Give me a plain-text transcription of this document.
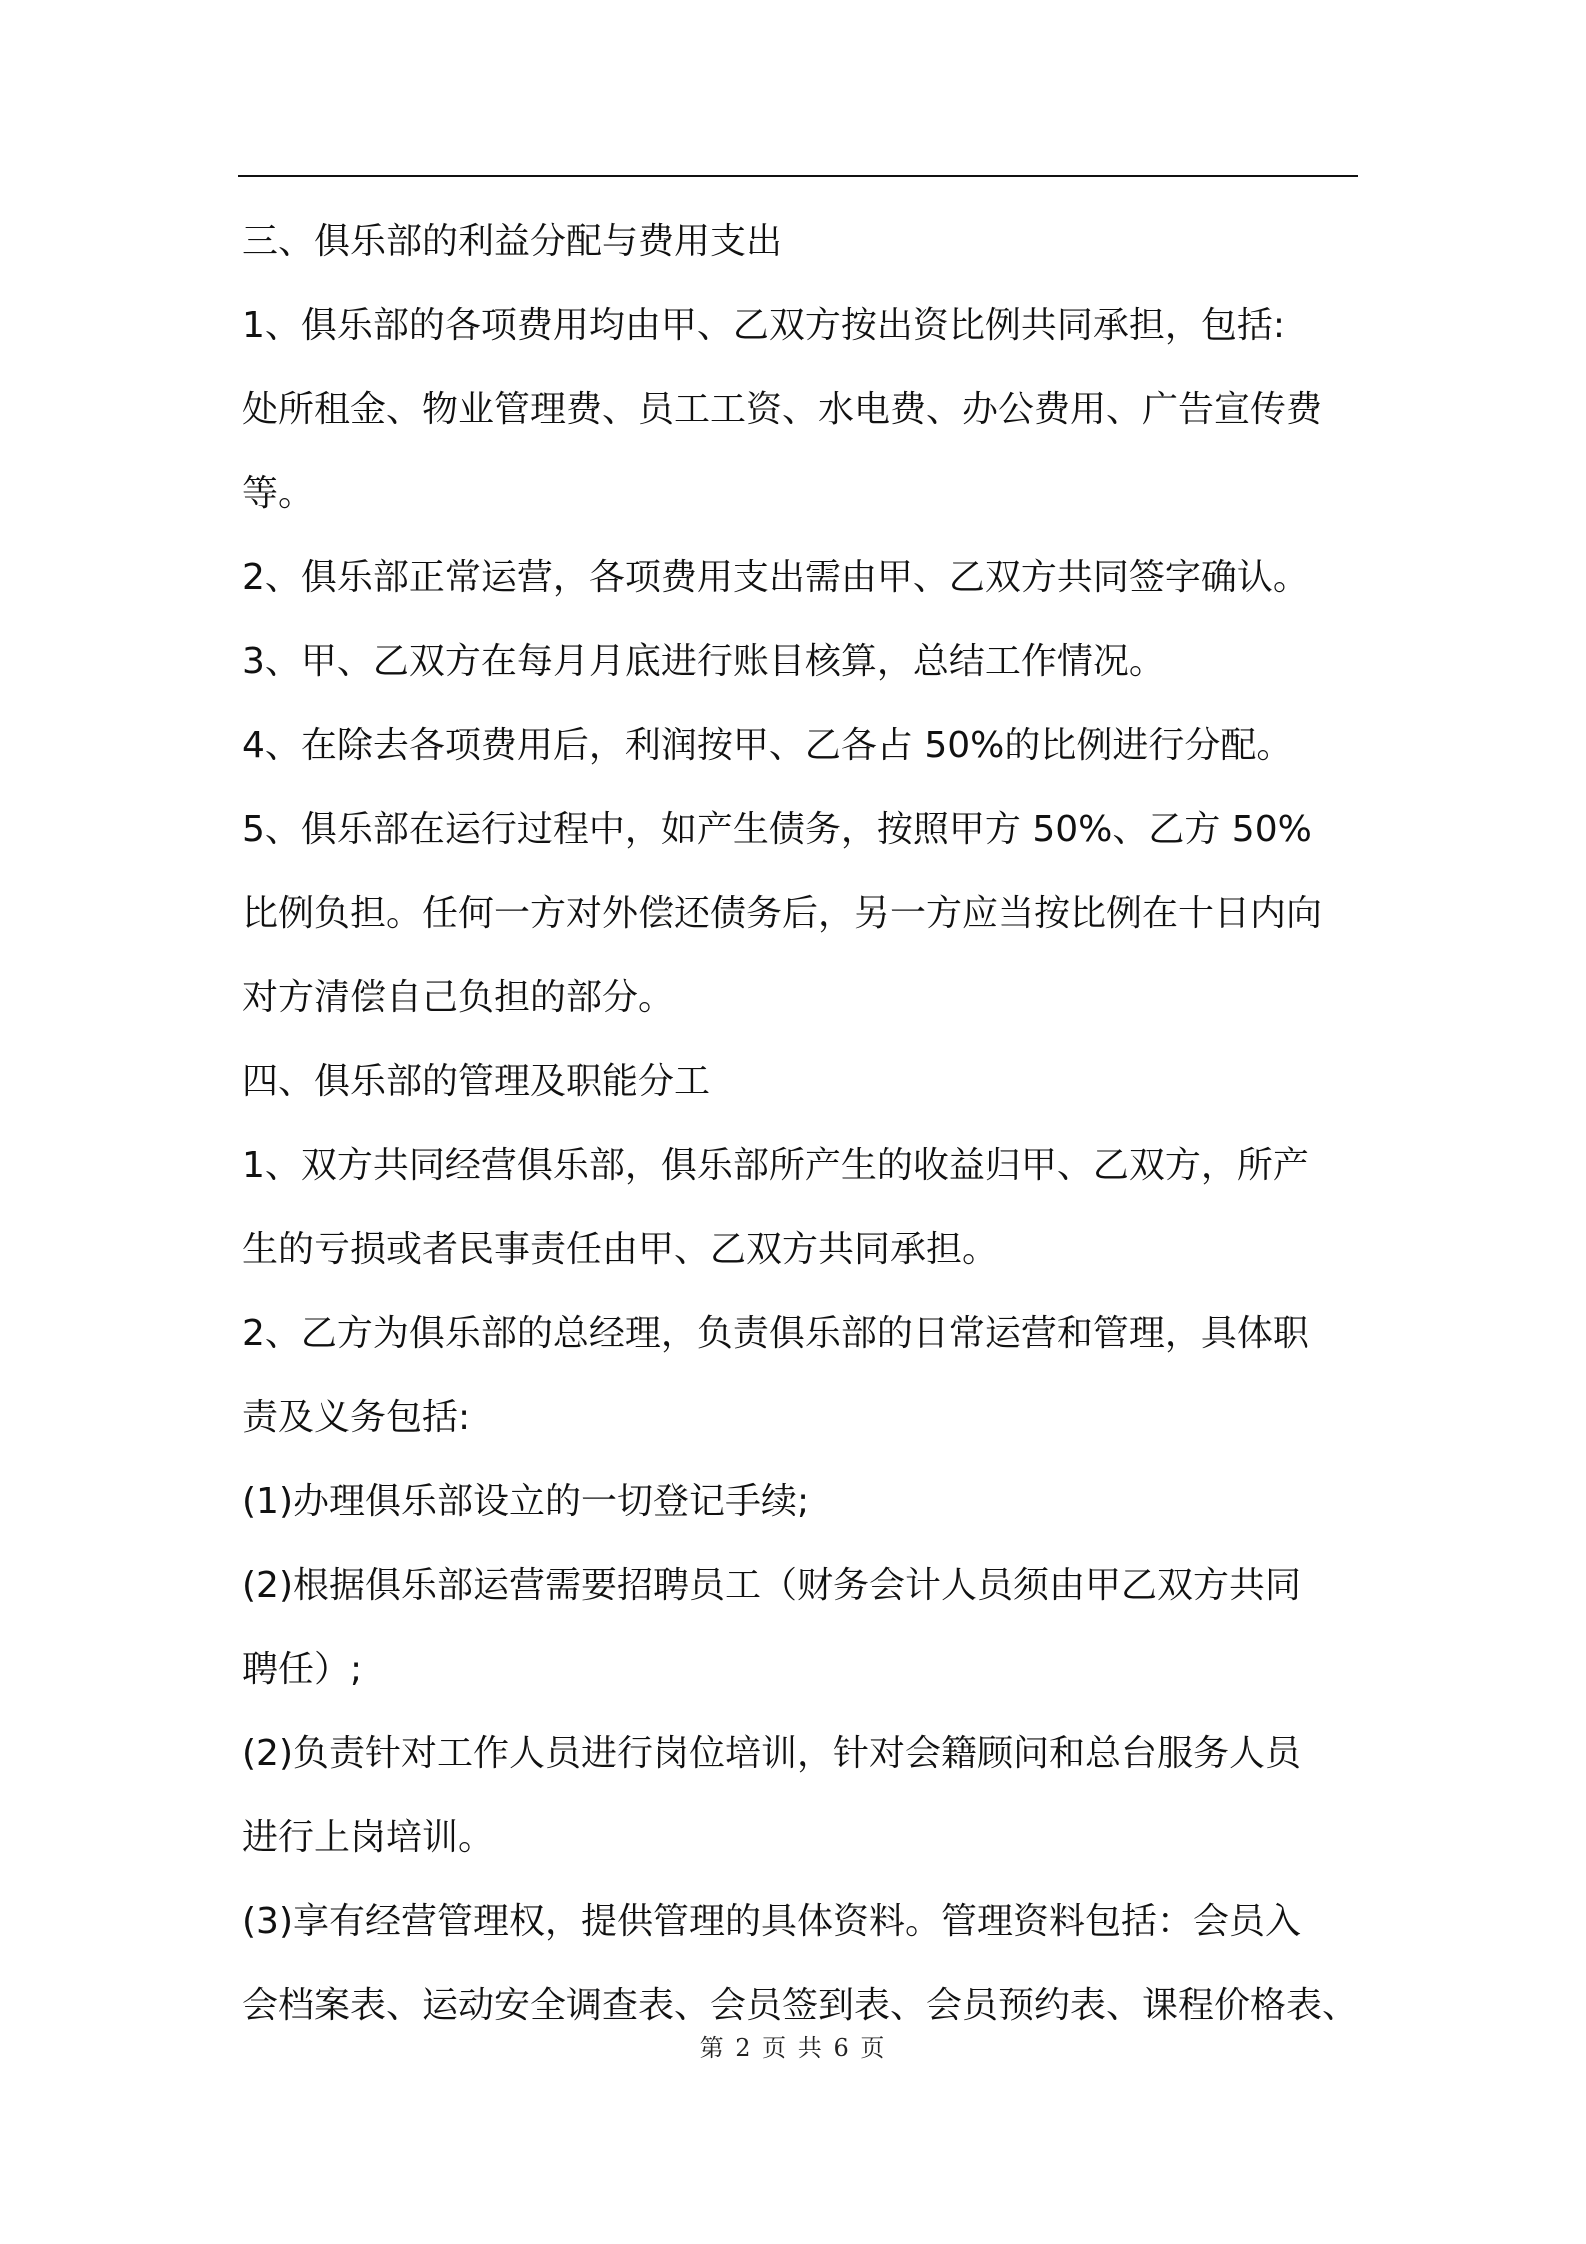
三、俱乐部的利益分配与费用支出
1、俱乐部的各项费用均由甲、乙双方按出资比例共同承担，包括:
处所租金、物业管理费、员工工资、水电费、办公费用、广告宣传费
等。
2、俱乐部正常运营，各项费用支出需由甲、乙双方共同签字确认。
3、甲、乙双方在每月月底进行账目核算，总结工作情况。
4、在除去各项费用后，利润按甲、乙各占 50%的比例进行分配。
5、俱乐部在运行过程中，如产生债务，按照甲方 50%、乙方 50%
比例负担。任何一方对外偿还债务后，另一方应当按比例在十日内向
对方清偿自己负担的部分。
四、俱乐部的管理及职能分工
1、双方共同经营俱乐部，俱乐部所产生的收益归甲、乙双方，所产
生的亏损或者民事责任由甲、乙双方共同承担。
2、乙方为俱乐部的总经理，负责俱乐部的日常运营和管理，具体职
责及义务包括:
(1)办理俱乐部设立的一切登记手续;
(2)根据俱乐部运营需要招聘员工（财务会计人员须由甲乙双方共同
聘任）;
(2)负责针对工作人员进行岗位培训，针对会籍顾问和总台服务人员
进行上岗培训。
(3)享有经营管理权，提供管理的具体资料。管理资料包括：会员入
会档案表、运动安全调查表、会员签到表、会员预约表、课程价格表、
第 2 页 共 6 页
